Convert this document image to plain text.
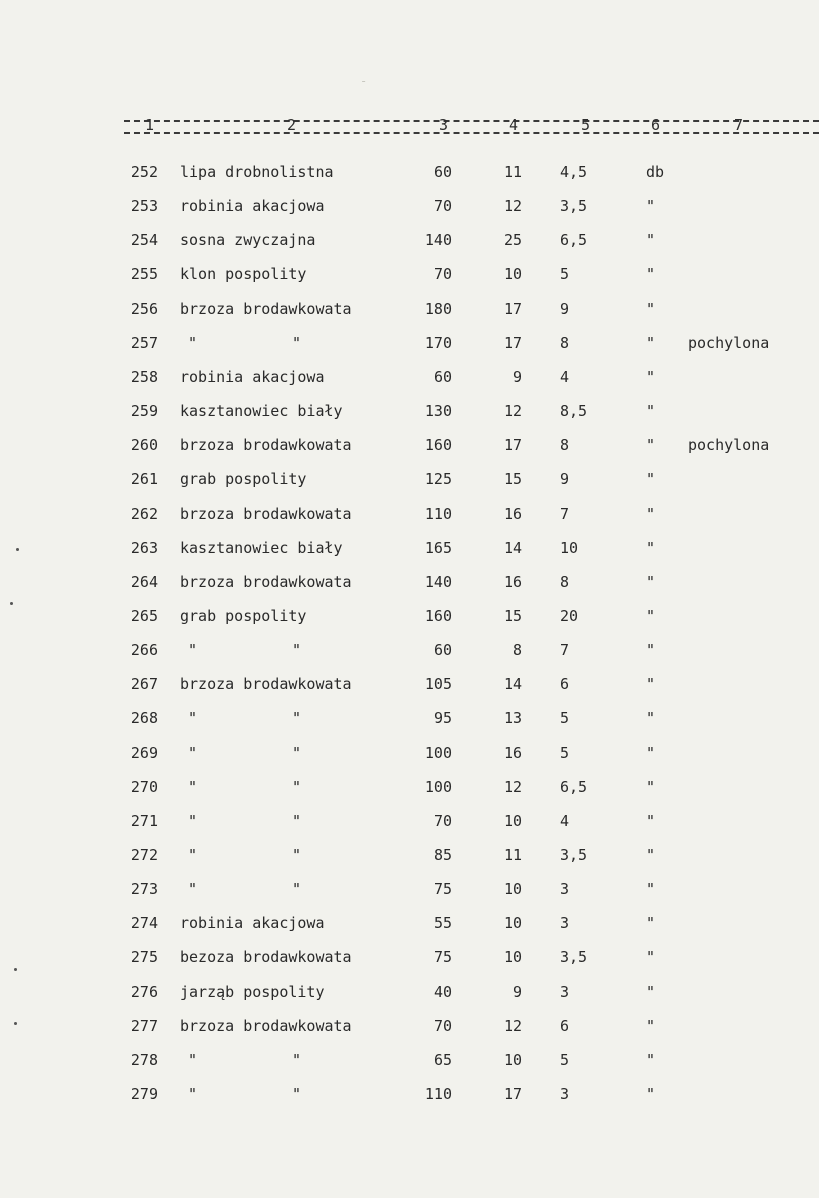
-
1	2	3	4	5	6	7
252 lipa drobnolistna	60	11	4,5	db
253 robinia akacjowa	70	12	3,5	"
254 sosna zwyczajna	140	25	6,5	"
255 klon pospolity	70	10	5	"
256 brzoza brodawkowata	180	17	9	"
257 "	"	170	17	8	" pochylona
258 robinia akacjowa	60	9	4	"
259 kasztanowiec biały	130	12	8,5	"
260 brzoza brodawkowata	160	17	8	" pochylona
261 grab pospolity	125	15	9	"
262 brzoza brodawkowata	110	16	7	"
263 kasztanowiec biały	165	14	10	"
264 brzoza brodawkowata	140	16	8	"
265 grab pospolity	160	15	20	"
266 "	"	60	8	7	"
267 brzoza brodawkowata	105	14	6	"
268 "	"	95	13	5	"
269 "	"	100	16	5	"
270 "	"	100	12	6,5	"
271 "	"	70	10	4	"
272 "	"	85	11	3,5	"
273 "	"	75	10	3	"
274 robinia akacjowa	55	10	3	"
275 bezoza brodawkowata	75	10	3,5	"
276 jarząb pospolity	40	9	3	"
277 brzoza brodawkowata	70	12	6	"
278 "	"	65	10	5	"
279 "	"	110	17	3	"
